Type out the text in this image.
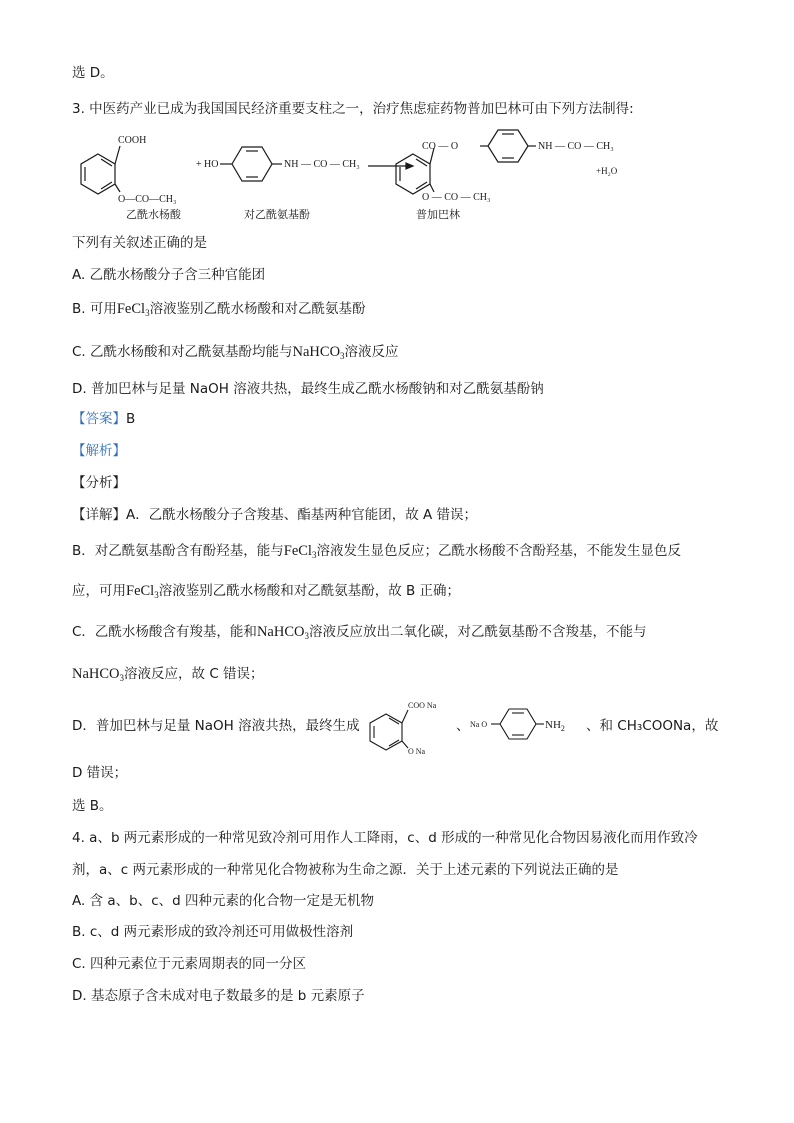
选 D。
3. 中医药产业已成为我国国民经济重要支柱之一，治疗焦虑症药物普加巴林可由下列方法制得:
COOH
O—CO—CH₃
乙酰水杨酸
+ HO	NH — CO — CH₃
对乙酰氨基酚
CO — O	NH — CO — CH₃
O — CO — CH₃
普加巴林
+H₂O
下列有关叙述正确的是
A. 乙酰水杨酸分子含三种官能团
B. 可用FeCl$_3$溶液鉴别乙酰水杨酸和对乙酰氨基酚
C. 乙酰水杨酸和对乙酰氨基酚均能与NaHCO$_3$溶液反应
D. 普加巴林与足量 NaOH 溶液共热，最终生成乙酰水杨酸钠和对乙酰氨基酚钠
【答案】B
【解析】
【分析】
【详解】A．乙酰水杨酸分子含羧基、酯基两种官能团，故 A 错误；
B．对乙酰氨基酚含有酚羟基，能与FeCl$_3$溶液发生显色反应；乙酰水杨酸不含酚羟基，不能发生显色反
应，可用FeCl$_3$溶液鉴别乙酰水杨酸和对乙酰氨基酚，故 B 正确；
C．乙酰水杨酸含有羧基，能和NaHCO$_3$溶液反应放出二氧化碳，对乙酰氨基酚不含羧基，不能与
NaHCO$_3$溶液反应，故 C 错误；
D．普加巴林与足量 NaOH 溶液共热，最终生成
COO Na
O Na
、 Na O	$NH_2$ 、和 CH₃COONa，故
D 错误；
选 B。
4. a、b 两元素形成的一种常见致冷剂可用作人工降雨，c、d 形成的一种常见化合物因易液化而用作致冷
剂，a、c 两元素形成的一种常见化合物被称为生命之源．关于上述元素的下列说法正确的是
A. 含 a、b、c、d 四种元素的化合物一定是无机物
B. c、d 两元素形成的致冷剂还可用做极性溶剂
C. 四种元素位于元素周期表的同一分区
D. 基态原子含未成对电子数最多的是 b 元素原子
